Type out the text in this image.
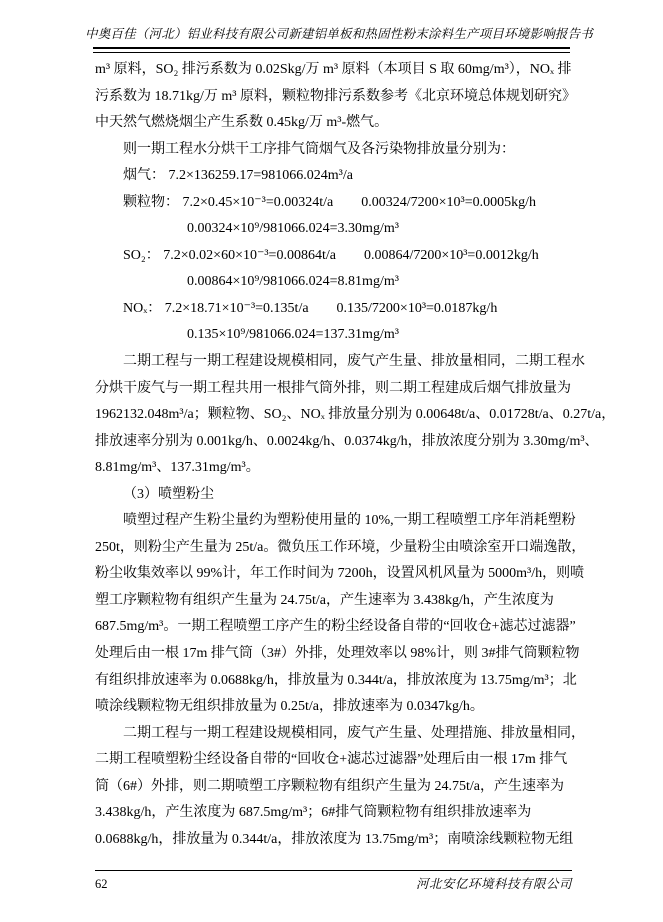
中奥百佳（河北）铝业科技有限公司新建铝单板和热固性粉末涂料生产项目环境影响报告书
m³ 原料，SO₂ 排污系数为 0.02Skg/万 m³ 原料（本项目 S 取 60mg/m³），NOₓ 排
污系数为 18.71kg/万 m³ 原料，颗粒物排污系数参考《北京环境总体规划研究》
中天然气燃烧烟尘产生系数 0.45kg/万 m³-燃气。
则一期工程水分烘干工序排气筒烟气及各污染物排放量分别为：
烟气： 7.2×136259.17=981066.024m³/a
颗粒物： 7.2×0.45×10⁻³=0.00324t/a　　0.00324/7200×10³=0.0005kg/h
0.00324×10⁹/981066.024=3.30mg/m³
SO₂： 7.2×0.02×60×10⁻³=0.00864t/a　　0.00864/7200×10³=0.0012kg/h
0.00864×10⁹/981066.024=8.81mg/m³
NOₓ： 7.2×18.71×10⁻³=0.135t/a　　0.135/7200×10³=0.0187kg/h
0.135×10⁹/981066.024=137.31mg/m³
二期工程与一期工程建设规模相同，废气产生量、排放量相同，二期工程水
分烘干废气与一期工程共用一根排气筒外排，则二期工程建成后烟气排放量为
1962132.048m³/a；颗粒物、SO₂、NOₓ 排放量分别为 0.00648t/a、0.01728t/a、0.27t/a，
排放速率分别为 0.001kg/h、0.0024kg/h、0.0374kg/h，排放浓度分别为 3.30mg/m³、
8.81mg/m³、137.31mg/m³。
（3）喷塑粉尘
喷塑过程产生粉尘量约为塑粉使用量的 10%,一期工程喷塑工序年消耗塑粉
250t，则粉尘产生量为 25t/a。微负压工作环境，少量粉尘由喷涂室开口端逸散，
粉尘收集效率以 99%计，年工作时间为 7200h，设置风机风量为 5000m³/h，则喷
塑工序颗粒物有组织产生量为 24.75t/a，产生速率为 3.438kg/h，产生浓度为
687.5mg/m³。一期工程喷塑工序产生的粉尘经设备自带的“回收仓+滤芯过滤器”
处理后由一根 17m 排气筒（3#）外排，处理效率以 98%计，则 3#排气筒颗粒物
有组织排放速率为 0.0688kg/h，排放量为 0.344t/a，排放浓度为 13.75mg/m³；北
喷涂线颗粒物无组织排放量为 0.25t/a，排放速率为 0.0347kg/h。
二期工程与一期工程建设规模相同，废气产生量、处理措施、排放量相同，
二期工程喷塑粉尘经设备自带的“回收仓+滤芯过滤器”处理后由一根 17m 排气
筒（6#）外排，则二期喷塑工序颗粒物有组织产生量为 24.75t/a，产生速率为
3.438kg/h，产生浓度为 687.5mg/m³；6#排气筒颗粒物有组织排放速率为
0.0688kg/h，排放量为 0.344t/a，排放浓度为 13.75mg/m³；南喷涂线颗粒物无组
62	河北安亿环境科技有限公司
